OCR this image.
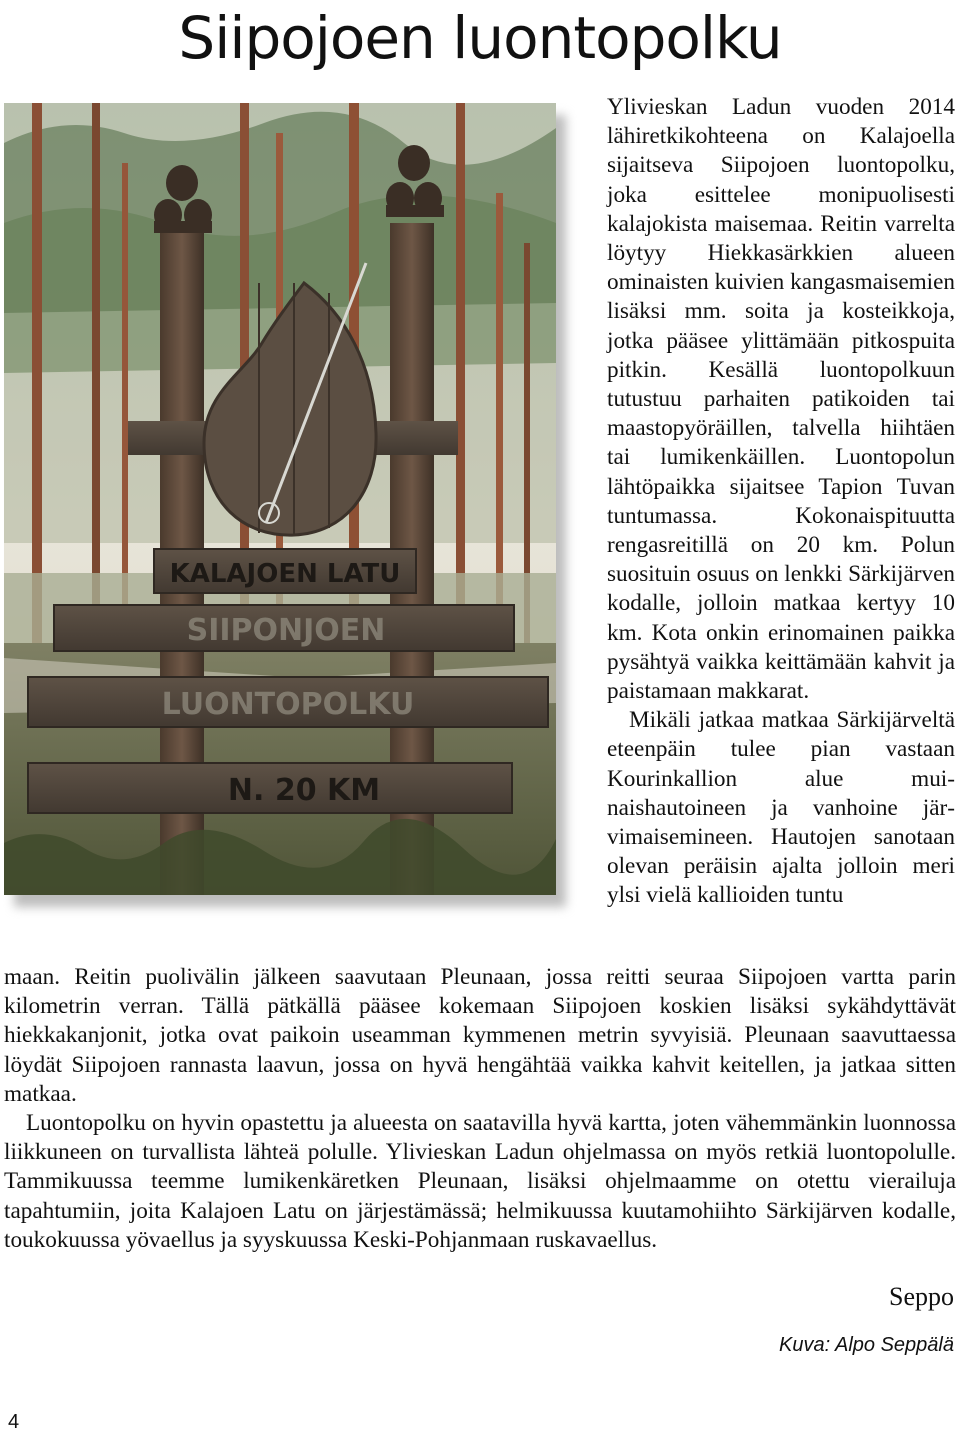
Siipojoen luontopolku
KALAJOEN LATU
SIIPONJOEN
LUONTOPOLKU
N. 20 KM

Ylivieskan Ladun vuoden 2014 lähiretkikohteena on Kalajoella sijaitseva Siipojoen luontopolku, joka esittelee monipuolisesti kalajokista maisemaa. Reitin varrelta löytyy Hiekkasärkkien alueen ominaisten kuivien kangasmaisemien lisäksi mm. soita ja kosteikkoja, jotka pääsee ylittämään pitkospuita pitkin. Kesällä luontopolkuun tutustuu parhaiten patikoiden tai maastopyöräillen, talvella hiihtäen tai lumikenkäillen. Luontopolun lähtöpaikka sijaitsee Tapion Tuvan tuntumassa. Kokonaispituutta rengasreitillä on 20 km. Polun suosituin osuus on lenkki Särkijärven kodalle, jolloin matkaa kertyy 10 km. Kota onkin erinomainen paikka pysähtyä vaikka keittämään kahvit ja paistamaan makkarat.

Mikäli jatkaa matkaa Särkijärveltä eteenpäin tulee pian vastaan Kourinkallion alue muinaishautoineen ja vanhoine järvimaisemineen. Hautojen sanotaan olevan peräisin ajalta jolloin meri ylsi vielä kallioiden tuntu

maan. Reitin puolivälin jälkeen saavutaan Pleunaan, jossa reitti seuraa Siipojoen vartta parin kilometrin verran. Tällä pätkällä pääsee kokemaan Siipojoen koskien lisäksi sykähdyttävät hiekkakanjonit, jotka ovat paikoin useamman kymmenen metrin syvyisiä. Pleunaan saavuttaessa löydät Siipojoen rannasta laavun, jossa on hyvä hengähtää vaikka kahvit keitellen, ja jatkaa sitten matkaa.

Luontopolku on hyvin opastettu ja alueesta on saatavilla hyvä kartta, joten vähemmänkin luonnossa liikkuneen on turvallista lähteä polulle. Ylivieskan Ladun ohjelmassa on myös retkiä luontopolulle. Tammikuussa teemme lumikenkäretken Pleunaan, lisäksi ohjelmaamme on otettu vierailuja tapahtumiin, joita Kalajoen Latu on järjestämässä; helmikuussa kuutamohiihto Särkijärven kodalle, toukokuussa yövaellus ja syyskuussa Keski-Pohjanmaan ruskavaellus.

Seppo
Kuva: Alpo Seppälä
4
